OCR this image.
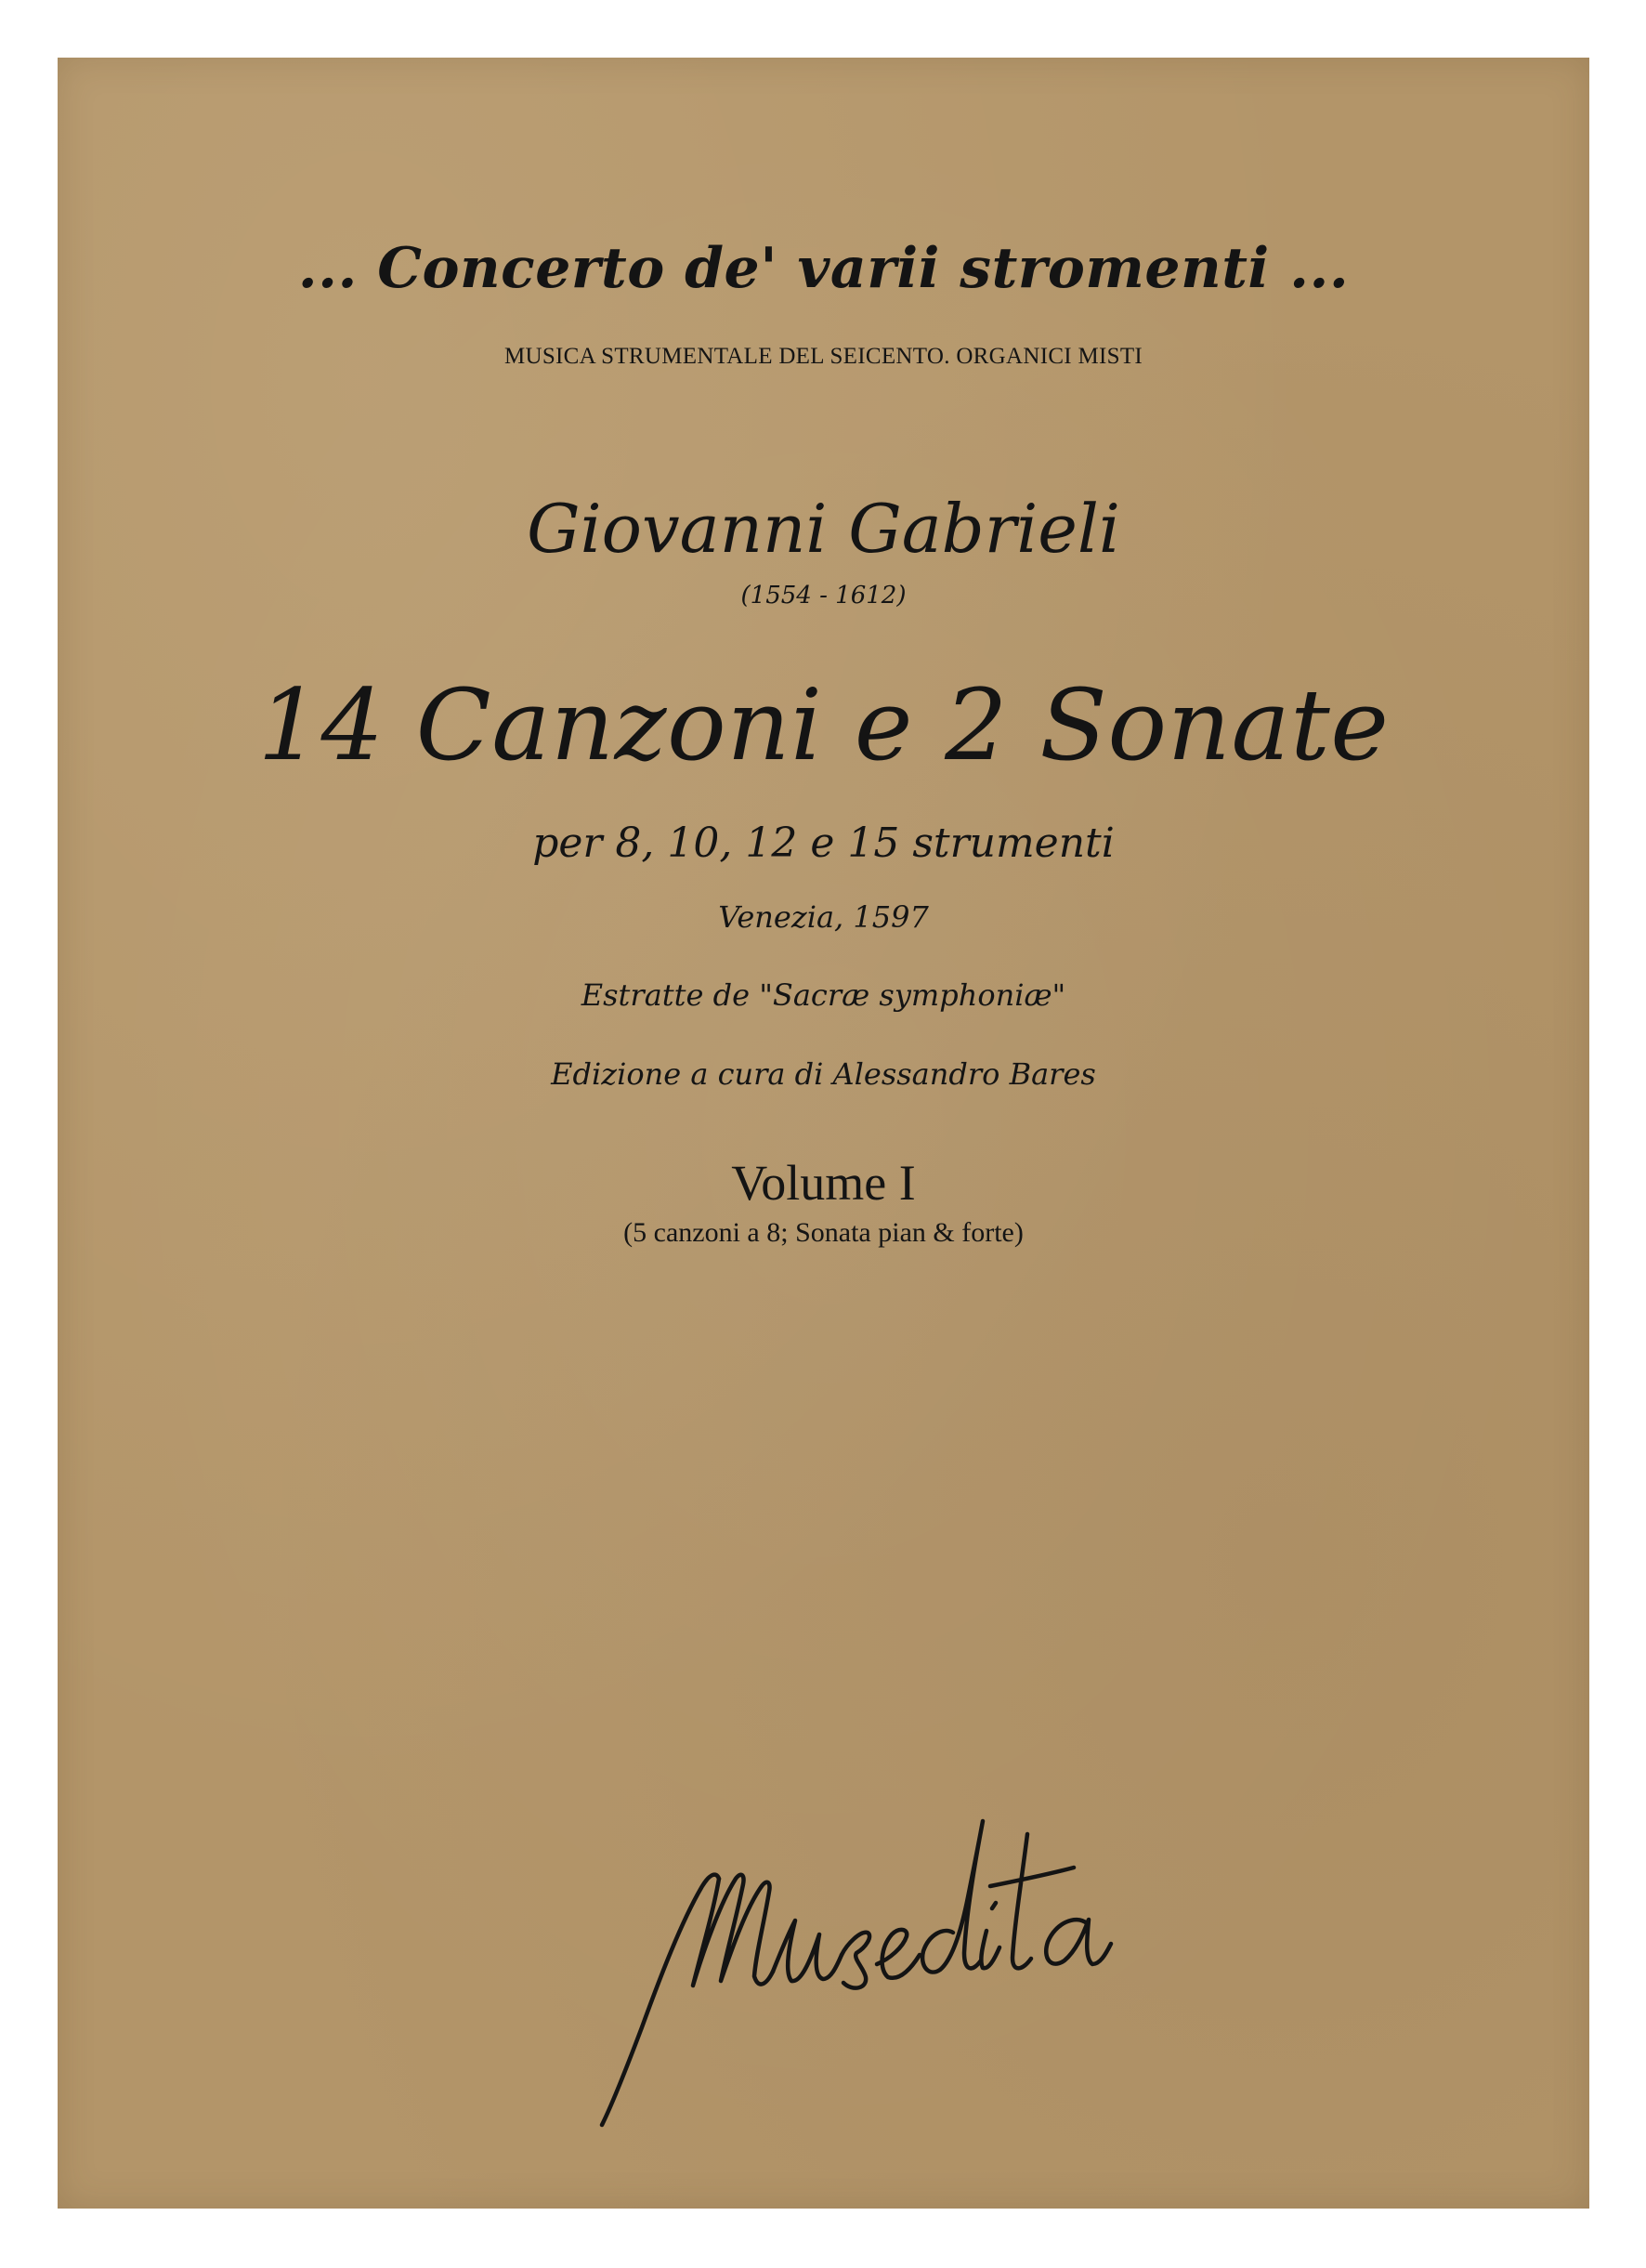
... Concerto de' varii stromenti ...
MUSICA STRUMENTALE DEL SEICENTO. ORGANICI MISTI
Giovanni Gabrieli
(1554 - 1612)
14 Canzoni e 2 Sonate
per 8, 10, 12 e 15 strumenti
Venezia, 1597
Estratte de "Sacræ symphoniæ"
Edizione a cura di Alessandro Bares
Volume I
(5 canzoni a 8; Sonata pian & forte)
